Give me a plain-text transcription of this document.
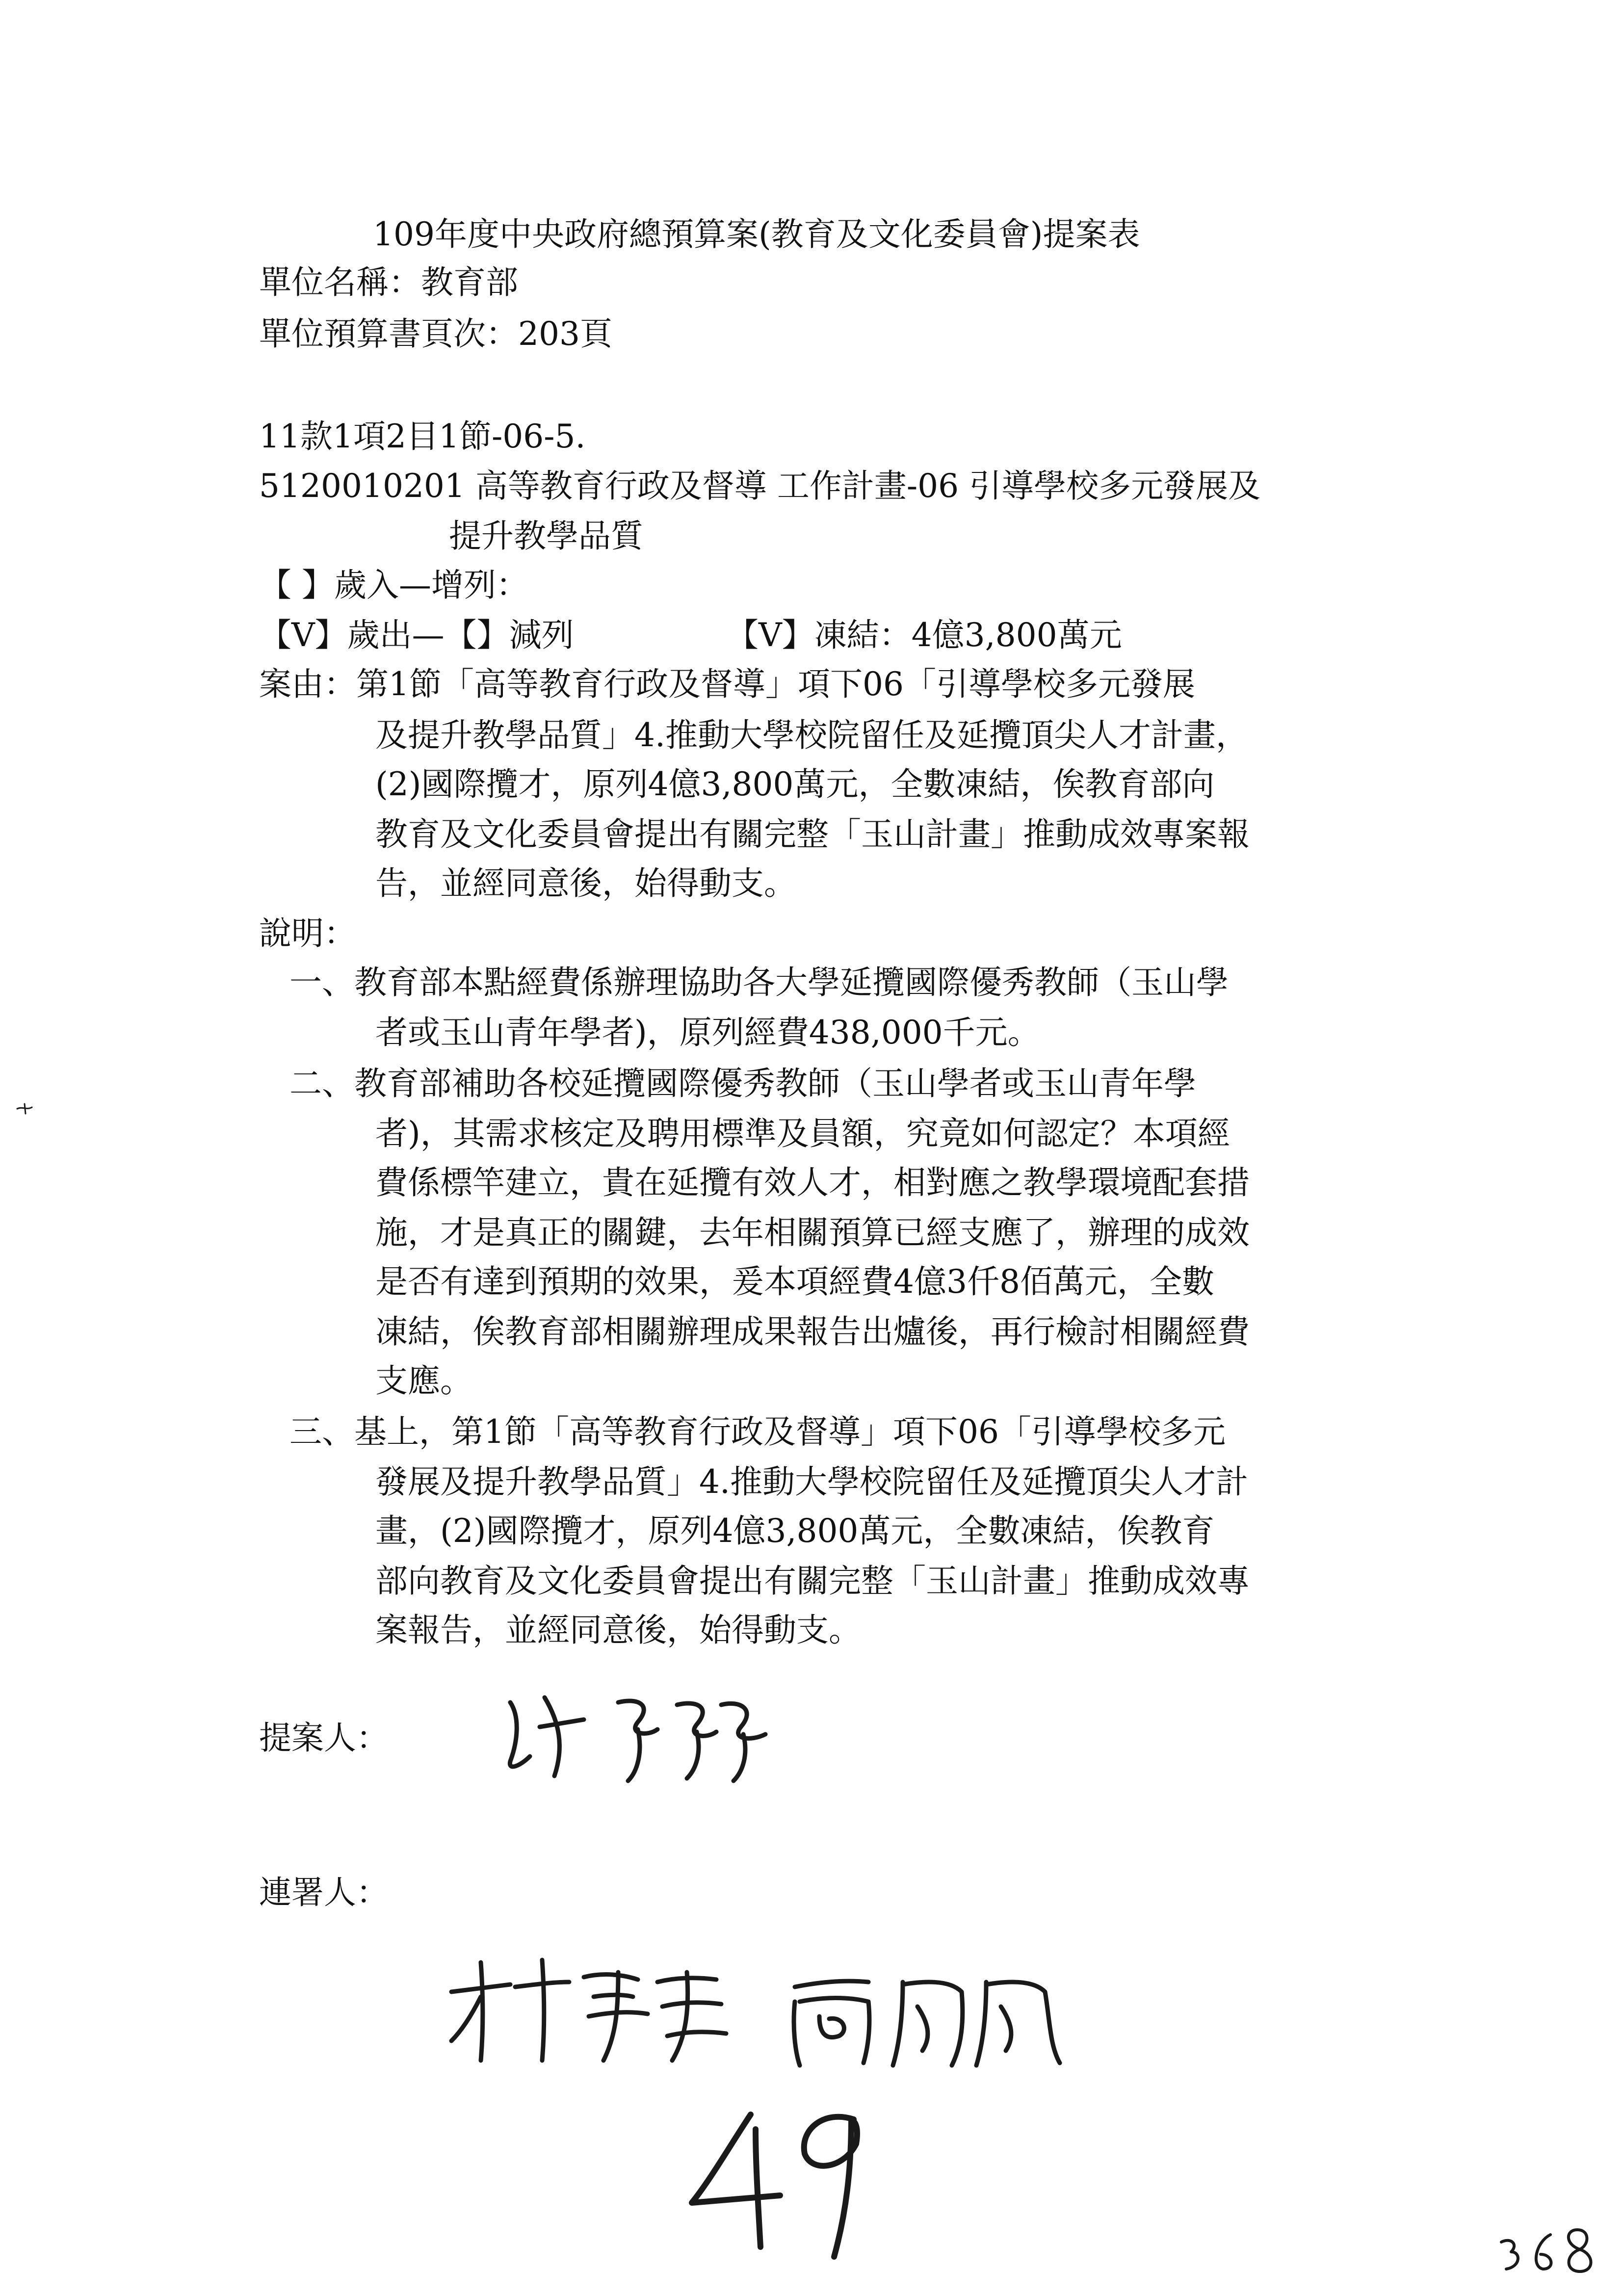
109年度中央政府總預算案(教育及文化委員會)提案表
單位名稱：教育部
單位預算書頁次：203頁
11款1項2目1節-06-5.
5120010201 高等教育行政及督導 工作計畫-06 引導學校多元發展及
提升教學品質
【 】歲入—增列：
【V】歲出—【】減列	【V】凍結：4億3,800萬元
案由：第1節「高等教育行政及督導」項下06「引導學校多元發展
及提升教學品質」4.推動大學校院留任及延攬頂尖人才計畫，
(2)國際攬才，原列4億3,800萬元，全數凍結，俟教育部向
教育及文化委員會提出有關完整「玉山計畫」推動成效專案報
告，並經同意後，始得動支。
說明：
一、教育部本點經費係辦理協助各大學延攬國際優秀教師（玉山學
者或玉山青年學者)，原列經費438,000千元。
二、教育部補助各校延攬國際優秀教師（玉山學者或玉山青年學
者)，其需求核定及聘用標準及員額，究竟如何認定？本項經
費係標竿建立，貴在延攬有效人才，相對應之教學環境配套措
施，才是真正的關鍵，去年相關預算已經支應了，辦理的成效
是否有達到預期的效果，爰本項經費4億3仟8佰萬元，全數
凍結，俟教育部相關辦理成果報告出爐後，再行檢討相關經費
支應。
三、基上，第1節「高等教育行政及督導」項下06「引導學校多元
發展及提升教學品質」4.推動大學校院留任及延攬頂尖人才計
畫，(2)國際攬才，原列4億3,800萬元，全數凍結，俟教育
部向教育及文化委員會提出有關完整「玉山計畫」推動成效專
案報告，並經同意後，始得動支。
提案人：
連署人：
